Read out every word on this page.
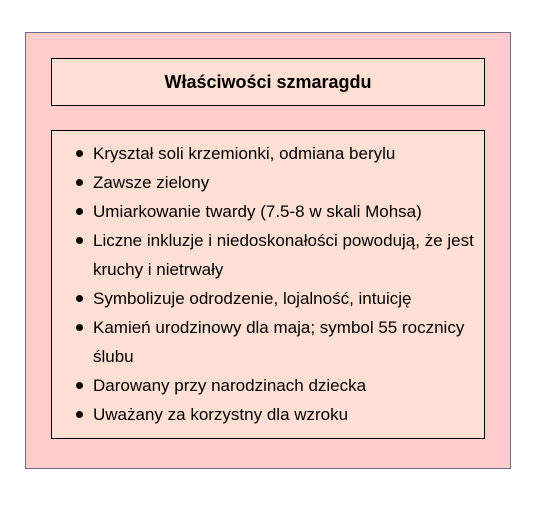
Właściwości szmaragdu
Kryształ soli krzemionki, odmiana berylu
Zawsze zielony
Umiarkowanie twardy (7.5-8 w skali Mohsa)
Liczne inkluzje i niedoskonałości powodują, że jest kruchy i nietrwały
Symbolizuje odrodzenie, lojalność, intuicję
Kamień urodzinowy dla maja; symbol 55 rocznicy ślubu
Darowany przy narodzinach dziecka
Uważany za korzystny dla wzroku
